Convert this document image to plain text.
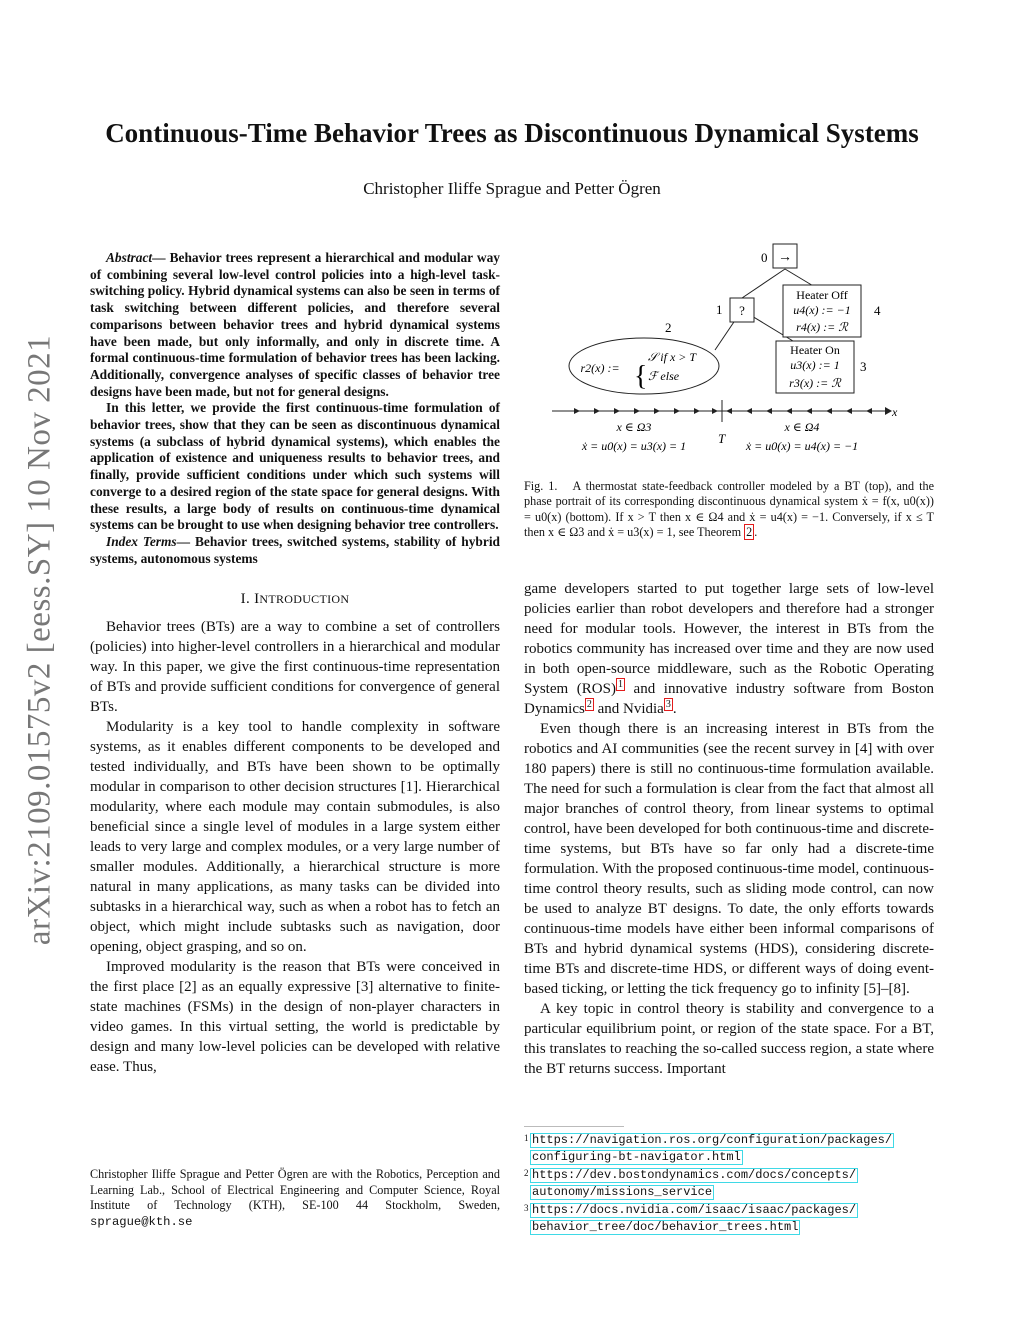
arXiv:2109.01575v2 [eess.SY] 10 Nov 2021
Continuous-Time Behavior Trees as Discontinuous Dynamical Systems
Christopher Iliffe Sprague and Petter Ögren

Abstract— Behavior trees represent a hierarchical and modular way of combining several low-level control policies into a high-level task-switching policy. Hybrid dynamical systems can also be seen in terms of task switching between different policies, and therefore several comparisons between behavior trees and hybrid dynamical systems have been made, but only informally, and only in discrete time. A formal continuous-time formulation of behavior trees has been lacking. Additionally, convergence analyses of specific classes of behavior tree designs have been made, but not for general designs.

In this letter, we provide the first continuous-time formulation of behavior trees, show that they can be seen as discontinuous dynamical systems (a subclass of hybrid dynamical systems), which enables the application of existence and uniqueness results to behavior trees, and finally, provide sufficient conditions under which such systems will converge to a desired region of the state space for general designs. With these results, a large body of results on continuous-time dynamical systems can be brought to use when designing behavior tree controllers.

Index Terms— Behavior trees, switched systems, stability of hybrid systems, autonomous systems

I. INTRODUCTION

Behavior trees (BTs) are a way to combine a set of controllers (policies) into higher-level controllers in a hierarchical and modular way. In this paper, we give the first continuous-time representation of BTs and provide sufficient conditions for convergence of general BTs.

Modularity is a key tool to handle complexity in software systems, as it enables different components to be developed and tested individually, and BTs have been shown to be optimally modular in comparison to other decision structures [1]. Hierarchical modularity, where each module may contain submodules, is also beneficial since a single level of modules in a large system either leads to very large and complex modules, or a very large number of smaller modules. Additionally, a hierarchical structure is more natural in many applications, as many tasks can be divided into subtasks in a hierarchical way, such as when a robot has to fetch an object, which might include subtasks such as navigation, door opening, object grasping, and so on.

Improved modularity is the reason that BTs were conceived in the first place [2] as an equally expressive [3] alternative to finite-state machines (FSMs) in the design of non-player characters in video games. In this virtual setting, the world is predictable by design and many low-level policies can be developed with relative ease. Thus,

Christopher Iliffe Sprague and Petter Ögren are with the Robotics, Perception and Learning Lab., School of Electrical Engineering and Computer Science, Royal Institute of Technology (KTH), SE-100 44 Stockholm, Sweden, sprague@kth.se
→
0
?
1
Heater Off
u4(x) := −1
r4(x) := ℛ
4
Heater On
u3(x) := 1
r3(x) := ℛ
3
2
r2(x) := {
𝒮 if x > T
ℱ else
x
x ∈ Ω3
ẋ = u0(x) = u3(x) = 1
x ∈ Ω4
ẋ = u0(x) = u4(x) = −1
T
Fig. 1. A thermostat state-feedback controller modeled by a BT (top), and the phase portrait of its corresponding discontinuous dynamical system ẋ = f(x, u0(x)) = u0(x) (bottom). If x > T then x ∈ Ω4 and ẋ = u4(x) = −1. Conversely, if x ≤ T then x ∈ Ω3 and ẋ = u3(x) = 1, see Theorem 2 .

game developers started to put together large sets of low-level policies earlier than robot developers and therefore had a stronger need for modular tools. However, the interest in BTs from the robotics community has increased over time and they are now used in both open-source middleware, such as the Robotic Operating System (ROS) $^1$ and innovative industry software from Boston Dynamics $^2$ and Nvidia $^3$ .

Even though there is an increasing interest in BTs from the robotics and AI communities (see the recent survey in [4] with over 180 papers) there is still no continuous-time formulation available. The need for such a formulation is clear from the fact that almost all major branches of control theory, from linear systems to optimal control, have been developed for both continuous-time and discrete-time systems, but BTs have so far only had a discrete-time formulation. With the proposed continuous-time model, continuous-time control theory results, such as sliding mode control, can now be used to analyze BT designs. To date, the only efforts towards continuous-time models have either been informal comparisons of BTs and hybrid dynamical systems (HDS), considering discrete-time BTs and discrete-time HDS, or different ways of doing event-based ticking, or letting the tick frequency go to infinity [5]–[8].

A key topic in control theory is stability and convergence to a particular equilibrium point, or region of the state space. For a BT, this translates to reaching the so-called success region, a state where the BT returns success. Important

1 https://navigation.ros.org/configuration/packages/
configuring-bt-navigator.html
2 https://dev.bostondynamics.com/docs/concepts/
autonomy/missions_service
3 https://docs.nvidia.com/isaac/isaac/packages/
behavior_tree/doc/behavior_trees.html
